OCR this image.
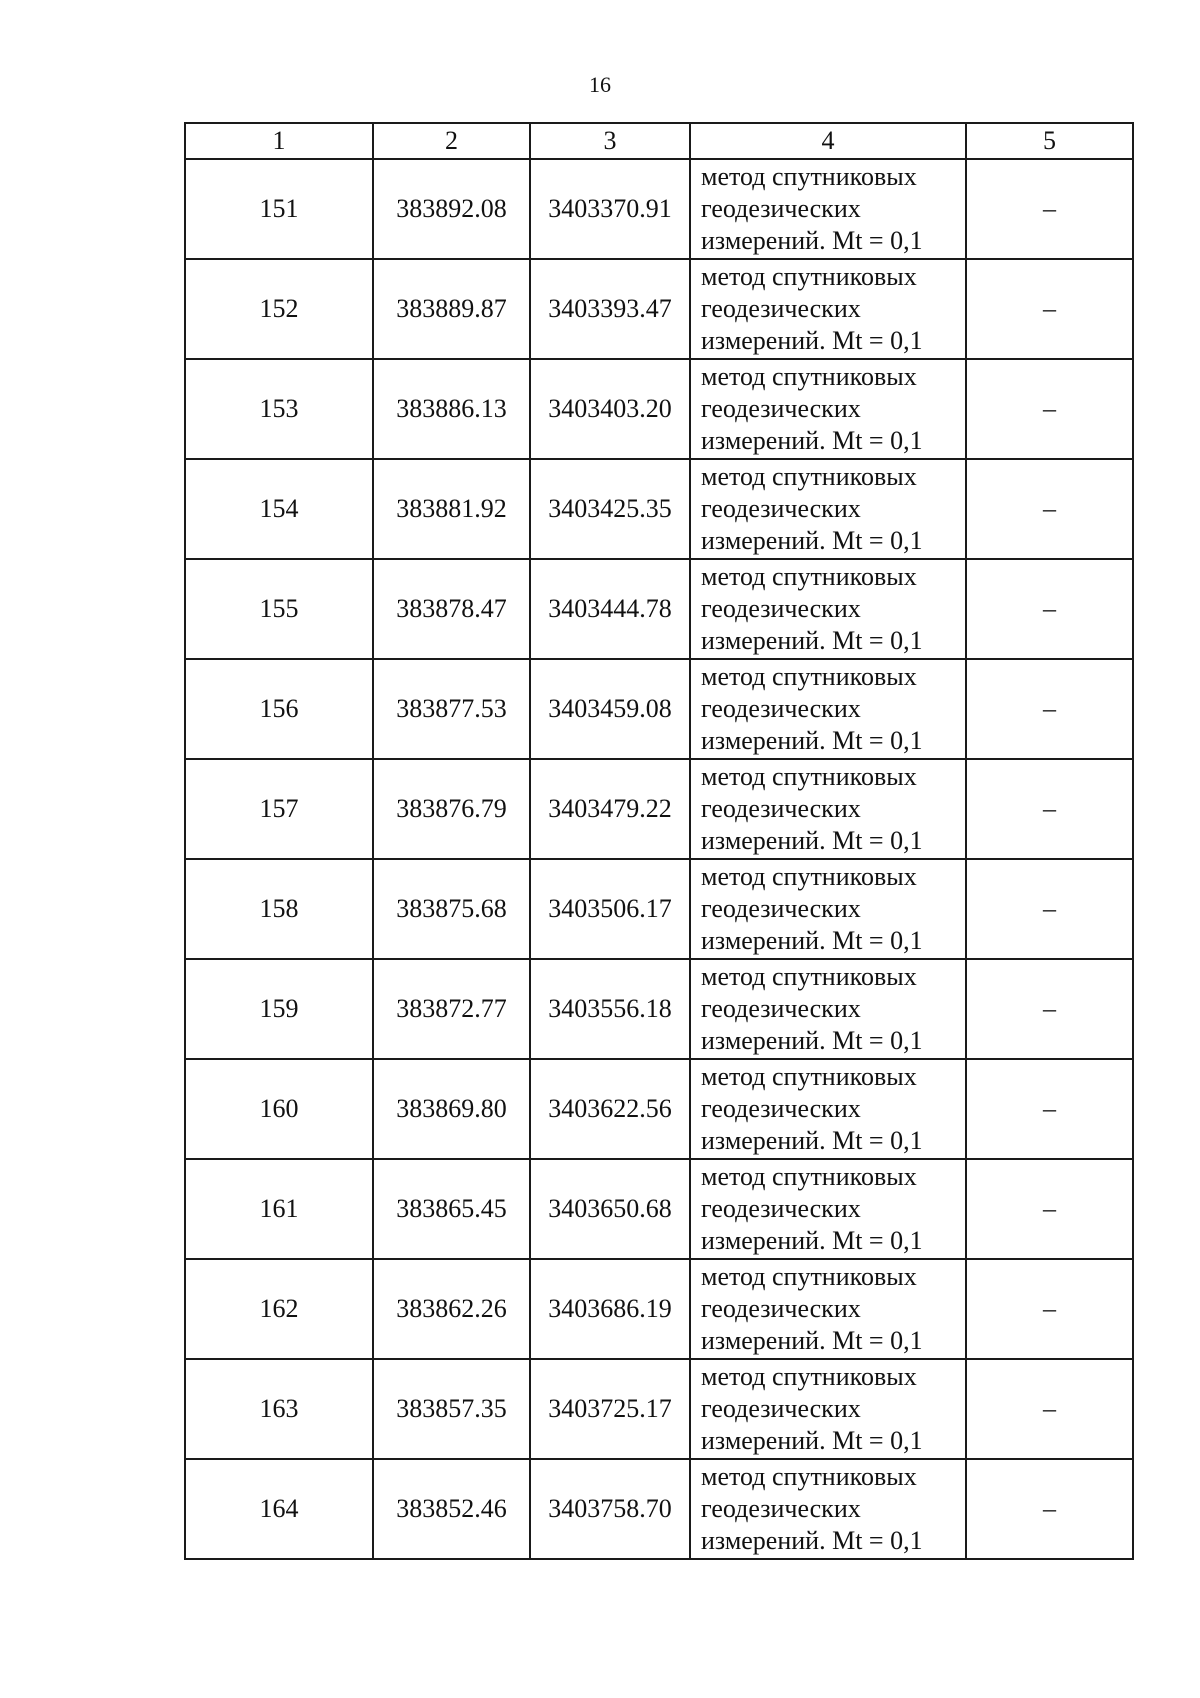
16
1	2	3	4	5
151	383892.08	3403370.91	метод спутниковых
геодезических
измерений. Mt = 0,1	–
152	383889.87	3403393.47	метод спутниковых
геодезических
измерений. Mt = 0,1	–
153	383886.13	3403403.20	метод спутниковых
геодезических
измерений. Mt = 0,1	–
154	383881.92	3403425.35	метод спутниковых
геодезических
измерений. Mt = 0,1	–
155	383878.47	3403444.78	метод спутниковых
геодезических
измерений. Mt = 0,1	–
156	383877.53	3403459.08	метод спутниковых
геодезических
измерений. Mt = 0,1	–
157	383876.79	3403479.22	метод спутниковых
геодезических
измерений. Mt = 0,1	–
158	383875.68	3403506.17	метод спутниковых
геодезических
измерений. Mt = 0,1	–
159	383872.77	3403556.18	метод спутниковых
геодезических
измерений. Mt = 0,1	–
160	383869.80	3403622.56	метод спутниковых
геодезических
измерений. Mt = 0,1	–
161	383865.45	3403650.68	метод спутниковых
геодезических
измерений. Mt = 0,1	–
162	383862.26	3403686.19	метод спутниковых
геодезических
измерений. Mt = 0,1	–
163	383857.35	3403725.17	метод спутниковых
геодезических
измерений. Mt = 0,1	–
164	383852.46	3403758.70	метод спутниковых
геодезических
измерений. Mt = 0,1	–
